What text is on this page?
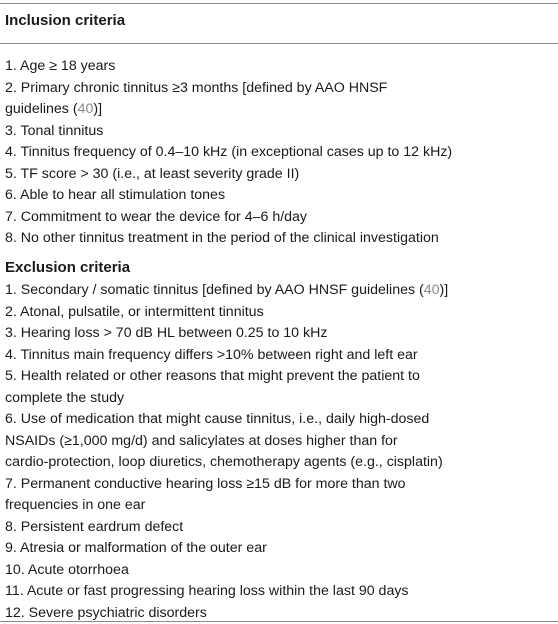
Inclusion criteria
1. Age ≥ 18 years
2. Primary chronic tinnitus ≥3 months [defined by AAO HNSF
guidelines (40)]
3. Tonal tinnitus
4. Tinnitus frequency of 0.4–10 kHz (in exceptional cases up to 12 kHz)
5. TF score > 30 (i.e., at least severity grade II)
6. Able to hear all stimulation tones
7. Commitment to wear the device for 4–6 h/day
8. No other tinnitus treatment in the period of the clinical investigation
Exclusion criteria
1. Secondary / somatic tinnitus [defined by AAO HNSF guidelines (40)]
2. Atonal, pulsatile, or intermittent tinnitus
3. Hearing loss > 70 dB HL between 0.25 to 10 kHz
4. Tinnitus main frequency differs >10% between right and left ear
5. Health related or other reasons that might prevent the patient to
complete the study
6. Use of medication that might cause tinnitus, i.e., daily high-dosed
NSAIDs (≥1,000 mg/d) and salicylates at doses higher than for
cardio-protection, loop diuretics, chemotherapy agents (e.g., cisplatin)
7. Permanent conductive hearing loss ≥15 dB for more than two
frequencies in one ear
8. Persistent eardrum defect
9. Atresia or malformation of the outer ear
10. Acute otorrhoea
11. Acute or fast progressing hearing loss within the last 90 days
12. Severe psychiatric disorders
